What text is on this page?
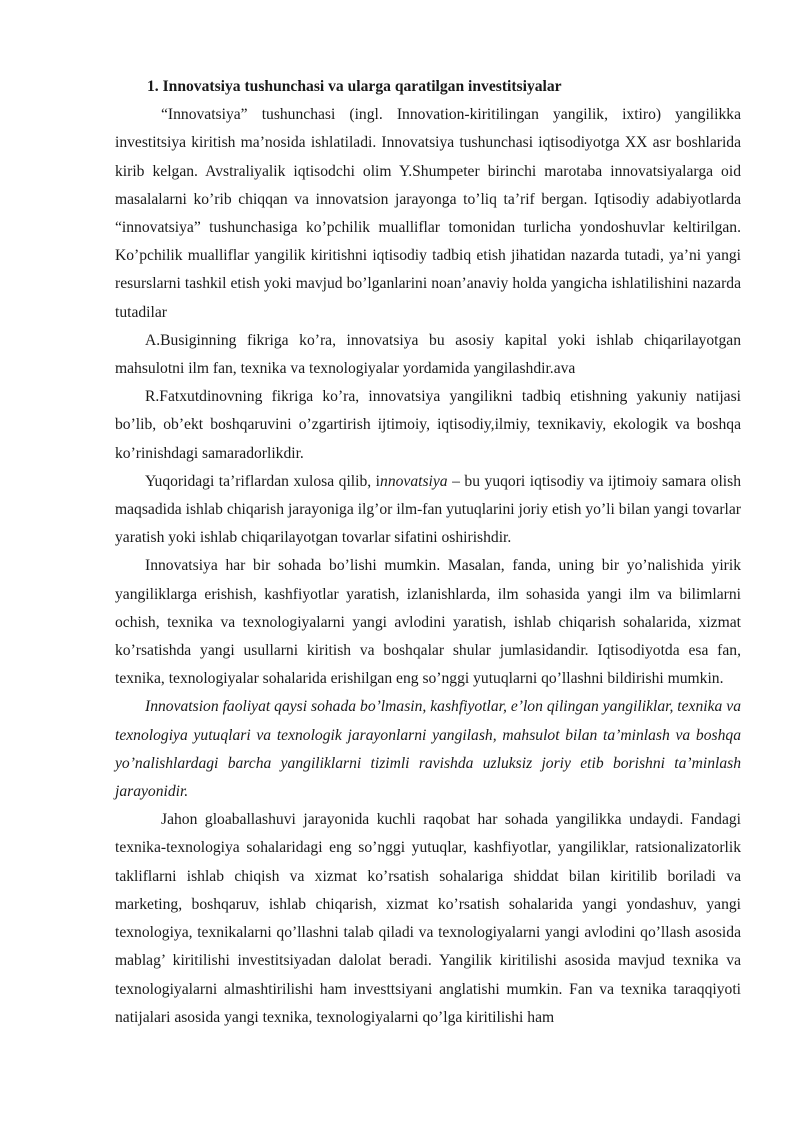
1. Innovatsiya tushunchasi va ularga qaratilgan investitsiyalar

“Innovatsiya” tushunchasi (ingl. Innovation-kiritilingan yangilik, ixtiro) yangilikka investitsiya kiritish ma’nosida ishlatiladi. Innovatsiya tushunchasi iqtisodiyotga XX asr boshlarida kirib kelgan. Avstraliyalik iqtisodchi olim Y.Shumpeter birinchi marotaba innovatsiyalarga oid masalalarni ko’rib chiqqan va innovatsion jarayonga to’liq ta’rif bergan. Iqtisodiy adabiyotlarda “innovatsiya” tushunchasiga ko’pchilik mualliflar tomonidan turlicha yondoshuvlar keltirilgan. Ko’pchilik mualliflar yangilik kiritishni iqtisodiy tadbiq etish jihatidan nazarda tutadi, ya’ni yangi resurslarni tashkil etish yoki mavjud bo’lganlarini noan’anaviy holda yangicha ishlatilishini nazarda tutadilar

A.Busiginning fikriga ko’ra, innovatsiya bu asosiy kapital yoki ishlab chiqarilayotgan mahsulotni ilm fan, texnika va texnologiyalar yordamida yangilashdir.ava

R.Fatxutdinovning fikriga ko’ra, innovatsiya yangilikni tadbiq etishning yakuniy natijasi bo’lib, ob’ekt boshqaruvini o’zgartirish ijtimoiy, iqtisodiy,ilmiy, texnikaviy, ekologik va boshqa ko’rinishdagi samaradorlikdir.

Yuqoridagi ta’riflardan xulosa qilib, innovatsiya – bu yuqori iqtisodiy va ijtimoiy samara olish maqsadida ishlab chiqarish jarayoniga ilg’or ilm-fan yutuqlarini joriy etish yo’li bilan yangi tovarlar yaratish yoki ishlab chiqarilayotgan tovarlar sifatini oshirishdir.

Innovatsiya har bir sohada bo’lishi mumkin. Masalan, fanda, uning bir yo’nalishida yirik yangiliklarga erishish, kashfiyotlar yaratish, izlanishlarda, ilm sohasida yangi ilm va bilimlarni ochish, texnika va texnologiyalarni yangi avlodini yaratish, ishlab chiqarish sohalarida, xizmat ko’rsatishda yangi usullarni kiritish va boshqalar shular jumlasidandir. Iqtisodiyotda esa fan, texnika, texnologiyalar sohalarida erishilgan eng so’nggi yutuqlarni qo’llashni bildirishi mumkin.

Innovatsion faoliyat qaysi sohada bo’lmasin, kashfiyotlar, e’lon qilingan yangiliklar, texnika va texnologiya yutuqlari va texnologik jarayonlarni yangilash, mahsulot bilan ta’minlash va boshqa yo’nalishlardagi barcha yangiliklarni tizimli ravishda uzluksiz joriy etib borishni ta’minlash jarayonidir.

Jahon gloaballashuvi jarayonida kuchli raqobat har sohada yangilikka undaydi. Fandagi texnika-texnologiya sohalaridagi eng so’nggi yutuqlar, kashfiyotlar, yangiliklar, ratsionalizatorlik takliflarni ishlab chiqish va xizmat ko’rsatish sohalariga shiddat bilan kiritilib boriladi va marketing, boshqaruv, ishlab chiqarish, xizmat ko’rsatish sohalarida yangi yondashuv, yangi texnologiya, texnikalarni qo’llashni talab qiladi va texnologiyalarni yangi avlodini qo’llash asosida mablag’ kiritilishi investitsiyadan dalolat beradi. Yangilik kiritilishi asosida mavjud texnika va texnologiyalarni almashtirilishi ham investtsiyani anglatishi mumkin. Fan va texnika taraqqiyoti natijalari asosida yangi texnika, texnologiyalarni qo’lga kiritilishi ham
